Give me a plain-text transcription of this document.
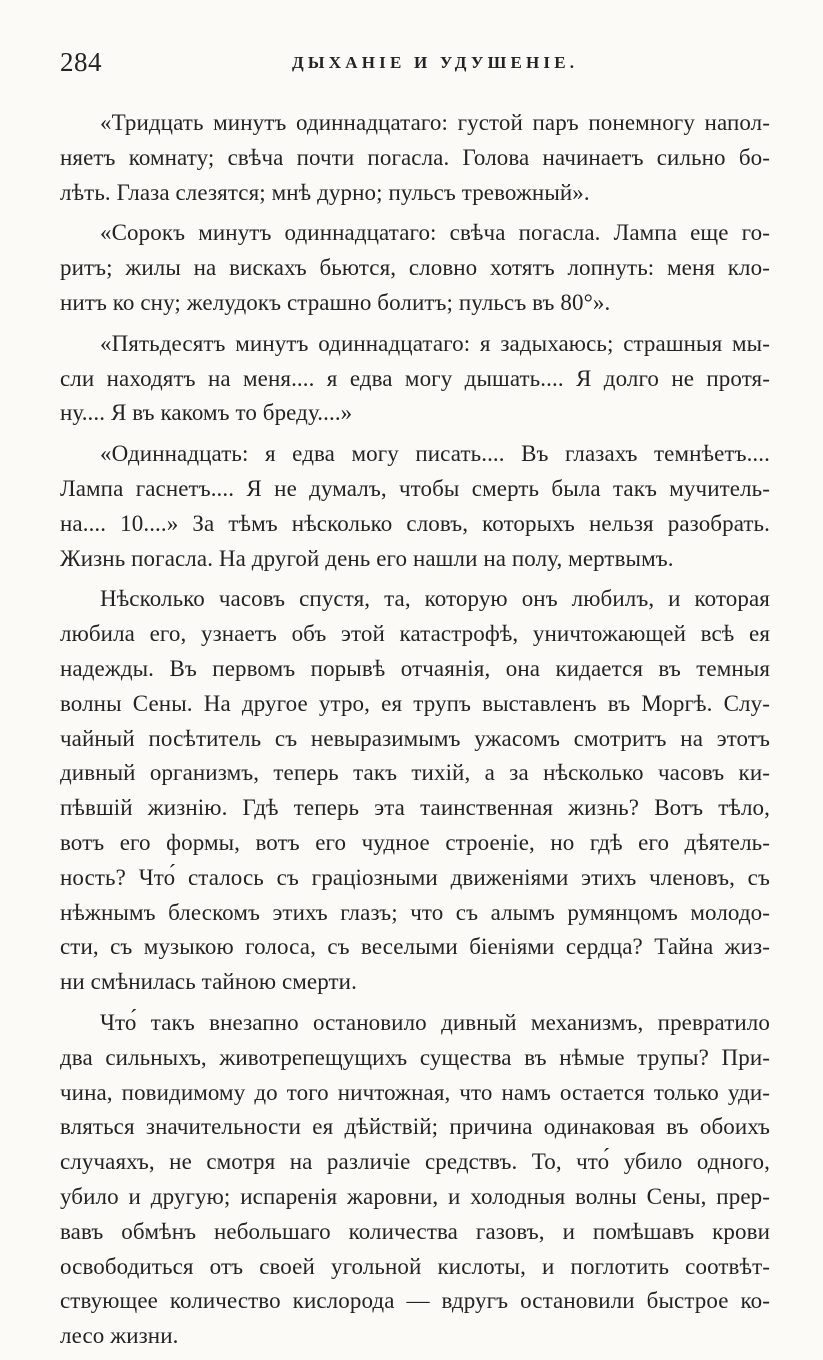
284	ДЫХАНІЕ И УДУШЕНІЕ.
«Тридцать минутъ одиннадцатаго: густой паръ понемногу напол-
няетъ комнату; свѣча почти погасла. Голова начинаетъ сильно бо-
лѣть. Глаза слезятся; мнѣ дурно; пульсъ тревожный».
«Сорокъ минутъ одиннадцатаго: свѣча погасла. Лампа еще го-
ритъ; жилы на вискахъ бьются, словно хотятъ лопнуть: меня кло-
нитъ ко сну; желудокъ страшно болитъ; пульсъ въ 80°».
«Пятьдесятъ минутъ одиннадцатаго: я задыхаюсь; страшныя мы-
сли находятъ на меня.... я едва могу дышать.... Я долго не протя-
ну.... Я въ какомъ то бреду....»
«Одиннадцать: я едва могу писать.... Въ глазахъ темнѣетъ....
Лампа гаснетъ.... Я не думалъ, чтобы смерть была такъ мучитель-
на.... 10....» За тѣмъ нѣсколько словъ, которыхъ нельзя разобрать.
Жизнь погасла. На другой день его нашли на полу, мертвымъ.
Нѣсколько часовъ спустя, та, которую онъ любилъ, и которая
любила его, узнаетъ объ этой катастрофѣ, уничтожающей всѣ ея
надежды. Въ первомъ порывѣ отчаянія, она кидается въ темныя
волны Сены. На другое утро, ея трупъ выставленъ въ Моргѣ. Слу-
чайный посѣтитель съ невыразимымъ ужасомъ смотритъ на этотъ
дивный организмъ, теперь такъ тихій, а за нѣсколько часовъ ки-
пѣвшій жизнію. Гдѣ теперь эта таинственная жизнь? Вотъ тѣло,
вотъ его формы, вотъ его чудное строеніе, но гдѣ его дѣятель-
ность? Что́ сталось съ граціозными движеніями этихъ членовъ, съ
нѣжнымъ блескомъ этихъ глазъ; что съ алымъ румянцомъ молодо-
сти, съ музыкою голоса, съ веселыми біеніями сердца? Тайна жиз-
ни смѣнилась тайною смерти.
Что́ такъ внезапно остановило дивный механизмъ, превратило
два сильныхъ, животрепещущихъ существа въ нѣмые трупы? При-
чина, повидимому до того ничтожная, что намъ остается только уди-
вляться значительности ея дѣйствій; причина одинаковая въ обоихъ
случаяхъ, не смотря на различіе средствъ. То, что́ убило одного,
убило и другую; испаренія жаровни, и холодныя волны Сены, прер-
вавъ обмѣнъ небольшаго количества газовъ, и помѣшавъ крови
освободиться отъ своей угольной кислоты, и поглотить соотвѣт-
ствующее количество кислорода — вдругъ остановили быстрое ко-
лесо жизни.
